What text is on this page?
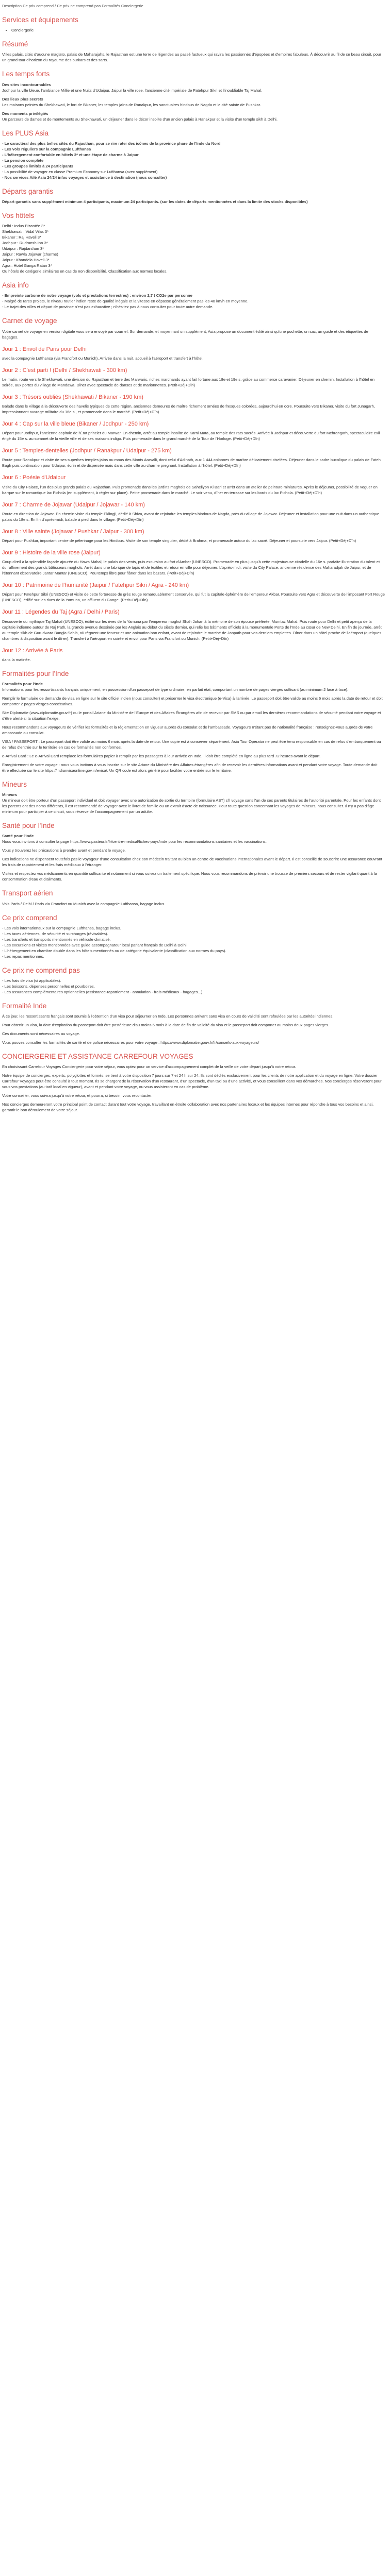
Description Ce prix comprend / Ce prix ne comprend pas Formalités Conciergerie
Services et équipements
• Conciergerie
Résumé

Villes palais, cités d'aucune maglato, palais de Maharajahs, le Rajasthan est une terre de légendes au passé fastueux qui ravira les passionnés d'épopées et d'empires fabuleux. À découvrir au fil de ce beau circuit, pour un grand tour d'horizon du royaume des burkars et des sarts.

Les temps forts
Des sites incontournables

Jodhpur la ville bleue, l'ambiance Millie et une Nuits d'Udaipur, Jaipur la ville rose, l'ancienne cité impériale de Fatehpur Sikri et l'inoubliable Taj Mahal.

Des lieux plus secrets

Les maisons peintes du Shekhawati, le fort de Bikaner, les temples jaïns de Ranakpur, les sanctuaires hindous de Nagda et le cité sainte de Pushkar.

Des moments privilégiés

Un parcours de dames et de montements au Shekhawati, un déjeuner dans le décor insolite d'un ancien palais à Ranakpur et la visite d'un temple sikh à Delhi.

Les PLUS Asia
- Le caractéral des plus belles cités du Rajasthan, pour se rire rater des icônes de la province phare de l'Inde du Nord
- Les vols réguliers sur la compagnie Lufthansa
- L'hébergement confortable en hôtels 3* et une étape de charme à Jaipur
- La pension complète
- Les groupes limités à 24 participants
- La possibilité de voyager en classe Premium Economy sur Lufthansa (avec supplément)
- Nos services Ailé Asia 24/24 infos voyages et assistance à destination (nous consulter)
Départs garantis

Départ garantis sans supplément minimum 4 participants, maximum 24 participants. (sur les dates de départs mentionnées et dans la limite des stocks disponibles)

Vos hôtels
Delhi : Indus Bizantée 3*
Shekhawati : Vidal Vilas 3*
Bikaner : Raj Haveli 3*
Jodhpur : Rudransh Inn 3*
Udaipur : Rajdarshan 3*
Jaipur : Rawla Jojawar (charme)
Jaipur : Khandela Haveli 3*
Agra : Hotel Ganga Ratan 3*
Ou hôtels de catégorie similaires en cas de non disponibilité. Classification aux normes locales.
Asia info
- Empreinte carbone de notre voyage (vols et prestations terrestres) : environ 2,7 t CO2e par personne
- Malgré de rares projets, le niveau routier indien reste de qualité inégale et la vitesse en dépasse généralement pas les 40 km/h en moyenne.
- Le trajet des villes et départ de province n'est pas exhaustive ; n'hésitez pas à nous consulter pour toute autre demande.
Carnet de voyage

Votre carnet de voyage en version digitale vous sera envoyé par courriel. Sur demande, et moyennant un supplément, Asia propose un document édité ainsi qu'une pochette, un sac, un guide et des étiquettes de bagages.

Jour 1 : Envol de Paris pour Delhi

avec la compagnie Lufthansa (via Francfort ou Munich). Arrivée dans la nuit, accueil à l'aéroport et transfert à l'hôtel.

Jour 2 : C'est parti ! (Delhi / Shekhawati - 300 km)

Le matin, route vers le Shekhawati, une division du Rajasthan et terre des Marwaris, riches marchands ayant fait fortune aux 18e et 19e s. grâce au commerce caravanier. Déjeuner en chemin. Installation à l'hôtel en soirée, aux portes du village de Mandawa. Dîner avec spectacle de danses et de marionnettes. (Petit+Déj+Dîn)

Jour 3 : Trésors oubliés (Shekhawati / Bikaner - 190 km)

Balade dans le village à la découverte des havelis typiques de cette région, anciennes demeures de maître richement ornées de fresques colorées, aujourd'hui en ocre. Poursuite vers Bikaner, visite du fort Junagarh, impressionnant ouvrage militaire du 16e s., et promenade dans le marché. (Petit+Déj+Dîn)

Jour 4 : Cap sur la ville bleue (Bikaner / Jodhpur - 250 km)

Départ pour Jodhpur, l'ancienne capitale de l'État princier du Marwar. En chemin, arrêt au temple insolite de Karni Mata, au temple des rats sacrés. Arrivée à Jodhpur et découverte du fort Mehrangarh, spectaculaire exil érigé du 15e s. au sommet de la vieille ville et de ses maisons indigo. Puis promenade dans le grand marché de la Tour de l'Horloge. (Petit+Déj+Dîn)

Jour 5 : Temples-dentelles (Jodhpur / Ranakpur / Udaipur - 275 km)

Route pour Ranakpur et visite de ses superbes temples jaïns ou mous des Monts Aravalli, dont celui d'Adinath, aux 1 444 colonnes de marbre délicatement ciselées. Déjeuner dans le cadre bucolique du palais de Fateh Bagh puis continuation pour Udaipur, écrin et de dispersée mais dans cette ville au charme pregnant. Installation à l'hôtel. (Petit+Déj+Dîn)

Jour 6 : Poésie d'Udaipur

Visite du City Palace, l'un des plus grands palais du Rajasthan. Puis promenade dans les jardins maghols de Saheliyon Ki Bari et arrêt dans un atelier de peinture miniatures. Après le déjeuner, possibilité de voguer en barque sur le romantique lac Pichola (en supplément, à régler sur place). Petite promenade dans le marché. Le soir venu, dîner en terrasse sur les bords du lac Pichola. (Petit+Déj+Dîn)

Jour 7 : Charme de Jojawar (Udaipur / Jojawar - 140 km)

Route en direction de Jojawar. En chemin visite du temple Eklingji, dédié à Shiva, avant de rejoindre les temples hindous de Nagda, près du village de Jojawar. Déjeuner et installation pour une nuit dans un authentique palais du 18e s. En fin d'après-midi, balade à pied dans le village. (Petit+Déj+Dîn)

Jour 8 : Ville sainte (Jojawar / Pushkar / Jaipur - 300 km)

Départ pour Pushkar, important centre de pèlerinage pour les Hindous. Visite de son temple singulier, dédié à Brahma, et promenade autour du lac sacré. Déjeuner et poursuite vers Jaipur. (Petit+Déj+Dîn)

Jour 9 : Histoire de la ville rose (Jaipur)

Coup d'œil à la splendide façade ajourée du Hawa Mahal, le palais des vents, puis excursion au fort d'Amber (UNESCO). Promenade en plus jusqu'à cette majestueuse citadelle du 16e s. parfaite illustration du talent et du raffinement des grands bâtisseurs moghols. Arrêt dans une fabrique de tapis et de textiles et retour en ville pour déjeuner. L'après-midi, visite du City Palace, ancienne résidence des Maharadjah de Jaipur, et de l'étonnant observatoire Jantar Mantar (UNESCO). Peu temps libre pour flâner dans les bazars. (Petit+Déj+Dîn)

Jour 10 : Patrimoine de l'humanité (Jaipur / Fatehpur Sikri / Agra - 240 km)

Départ pour Fatehpur Sikri (UNESCO) et visite de cette forteresse de grès rouge remarquablement conservée, qui fut la capitale éphémère de l'empereur Akbar. Poursuite vers Agra et découverte de l'imposant Fort Rouge (UNESCO), édifié sur les rives de la Yamuna, un affluent du Gange. (Petit+Déj+Dîn)

Jour 11 : Légendes du Taj (Agra / Delhi / Paris)

Découverte du mythique Taj Mahal (UNESCO), édifié sur les rives de la Yamuna par l'empereur moghol Shah Jahan à la mémoire de son épouse préférée, Mumtaz Mahal. Puis route pour Delhi et petit aperçu de la capitale indienne autour de Raj Path, la grande avenue dessinée par les Anglais au début du siècle dernier, qui relie les bâtiments officiels à la monumentale Porte de l'Inde au cœur de New Delhi. En fin de journée, arrêt au temple sikh de Gurudwara Bangla Sahib, où règnent une ferveur et une animation bon enfant, avant de rejoindre le marché de Janpath pour vos derniers emplettes. Dîner dans un hôtel proche de l'aéroport (quelques chambres à disposition avant le dîner). Transfert à l'aéroport en soirée et envol pour Paris via Francfort ou Munich. (Petit+Déj+Dîn)

Jour 12 : Arrivée à Paris

dans la matinée.

Formalités pour l'Inde
Formalités pour l'Inde

Informations pour les ressortissants français uniquement, en possession d'un passeport de type ordinaire, en parfait état, comportant un nombre de pages vierges suffisant (au minimum 2 face à face).

Remplir le formulaire de demande de visa en ligne sur le site officiel indien (nous consulter) et présenter le visa électronique (e-Visa) à l'arrivée. Le passeport doit être valide au moins 6 mois après la date de retour et doit comporter 2 pages vierges consécutives.

Site Diplomatie (www.diplomatie.gouv.fr) ou le portail Ariane du Ministère de l'Europe et des Affaires Étrangères afin de recevoir par SMS ou par email les dernières recommandations de sécurité pendant votre voyage et d'être alerté si la situation l'exige.

Nous recommandons aux voyageurs de vérifier les formalités et la réglementation en vigueur auprès du consulat et de l'ambassade. Voyageurs n'étant pas de nationalité française : renseignez-vous auprès de votre ambassade ou consulat.

VISA / PASSEPORT : Le passeport doit être valide au moins 6 mois après la date de retour. Une copie est à conserver séparément. Asia Tour Operator ne peut être tenu responsable en cas de refus d'embarquement ou de refus d'entrée sur le territoire en cas de formalités non conformes.

e-Arrival Card : Le e-Arrival Card remplace les formulaires papier à remplir par les passagers à leur arrivée en Inde. Il doit être complété en ligne au plus tard 72 heures avant le départ.

Enregistrement de votre voyage : nous vous invitons à vous inscrire sur le site Ariane du Ministère des Affaires étrangères afin de recevoir les dernières informations avant et pendant votre voyage. Toute demande doit être effectuée sur le site https://indianvisaonline.gov.in/evisa/. Un QR code est alors généré pour faciliter votre entrée sur le territoire.

Mineurs
Mineurs

Un mineur doit être porteur d'un passeport individuel et doit voyager avec une autorisation de sortie du territoire (formulaire AST) s'il voyage sans l'un de ses parents titulaires de l'autorité parentale. Pour les enfants dont les parents ont des noms différents, il est recommandé de voyager avec le livret de famille ou un extrait d'acte de naissance. Pour toute question concernant les voyages de mineurs, nous consulter. Il n'y a pas d'âge minimum pour participer à ce circuit, sous réserve de l'accompagnement par un adulte.

Santé pour l'Inde
Santé pour l'Inde

Nous vous invitons à consulter la page https://www.pasteur.fr/fr/centre-medical/fiches-pays/inde pour les recommandations sanitaires et les vaccinations.

Vous y trouverez les précautions à prendre avant et pendant le voyage.

Ces indications ne dispensent toutefois pas le voyageur d'une consultation chez son médecin traitant ou bien un centre de vaccinations internationales avant le départ. Il est conseillé de souscrire une assurance couvrant les frais de rapatriement et les frais médicaux à l'étranger.

Visitez et respectez vos médicaments en quantité suffisante et notamment si vous suivez un traitement spécifique. Nous vous recommandons de prévoir une trousse de premiers secours et de rester vigilant quant à la consommation d'eau et d'aliments.

Transport aérien

Vols Paris / Delhi / Paris via Francfort ou Munich avec la compagnie Lufthansa, bagage inclus.

Ce prix comprend
- Les vols internationaux sur la compagnie Lufthansa, bagage inclus.
- Les taxes aériennes, de sécurité et surcharges (révisables).
- Les transferts et transports mentionnés en véhicule climatisé.
- Les excursions et visites mentionnées avec guide accompagnateur local parlant français de Delhi à Delhi.
- L'hébergement en chambre double dans les hôtels mentionnés ou de catégorie équivalente (classification aux normes du pays).
- Les repas mentionnés.
Ce prix ne comprend pas
- Les frais de visa (si applicables).
- Les boissons, dépenses personnelles et pourboires.
- Les assurances complémentaires optionnelles (assistance-rapatriement - annulation - frais médicaux - bagages...).
Formalité Inde

À ce jour, les ressortissants français sont soumis à l'obtention d'un visa pour séjourner en Inde. Les personnes arrivant sans visa en cours de validité sont refoulées par les autorités indiennes.

Pour obtenir un visa, la date d'expiration du passeport doit être postérieure d'au moins 6 mois à la date de fin de validité du visa et le passeport doit comporter au moins deux pages vierges.

Ces documents sont nécessaires au voyage.

Vous pouvez consulter les formalités de santé et de police nécessaires pour votre voyage : https://www.diplomatie.gouv.fr/fr/conseils-aux-voyageurs/

CONCIERGERIE ET ASSISTANCE CARREFOUR VOYAGES

En choisissant Carrefour Voyages Conciergerie pour votre séjour, vous optez pour un service d'accompagnement complet de la veille de votre départ jusqu'à votre retour.

Notre équipe de concierges, experts, polyglottes et formés, se tient à votre disposition 7 jours sur 7 et 24 h sur 24. Ils sont dédiés exclusivement pour les clients de notre application et du voyage en ligne. Votre dossier Carrefour Voyages peut être consulté à tout moment. Ils se chargent de la réservation d'un restaurant, d'un spectacle, d'un taxi ou d'une activité, et vous conseillent dans vos démarches. Nos concierges réserveront pour vous vos prestations (au tarif local en vigueur), avant et pendant votre voyage, ou vous assisteront en cas de problème.

Votre conseiller, vous suivra jusqu'à votre retour, et pourra, si besoin, vous recontacter.

Nos concierges demeureront votre principal point de contact durant tout votre voyage, travaillant en étroite collaboration avec nos partenaires locaux et les équipes internes pour répondre à tous vos besoins et ainsi, garantir le bon déroulement de votre séjour.
